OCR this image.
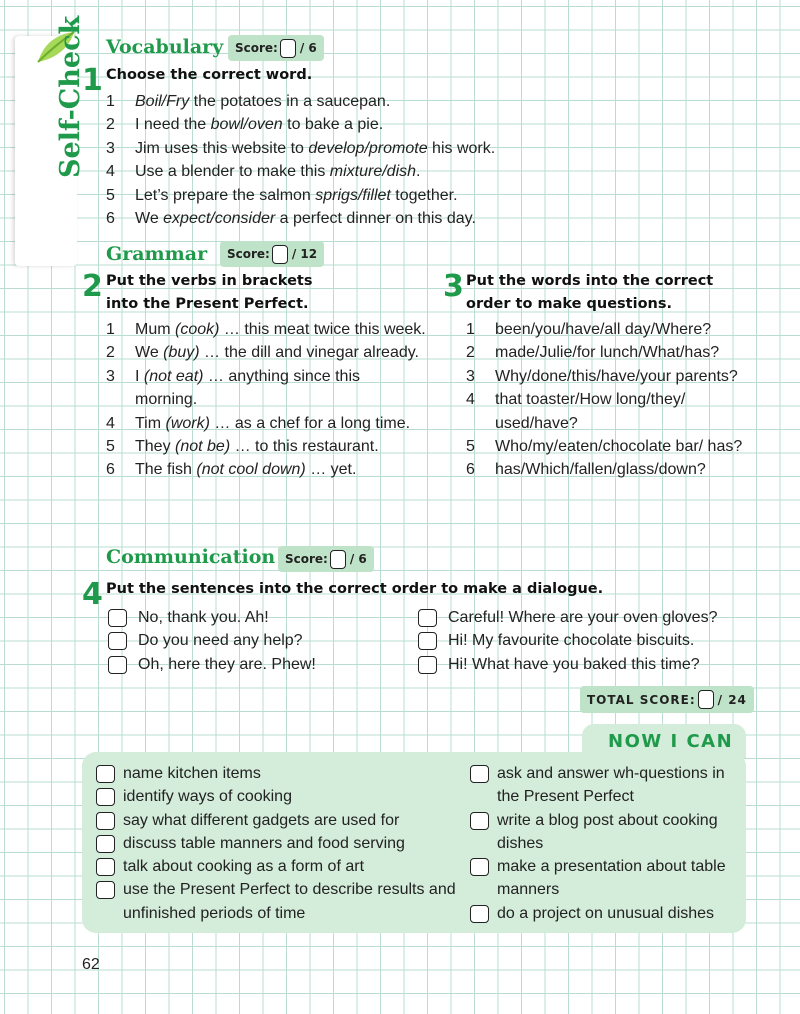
Self-Check Vocabulary Score: / 6
1 Choose the correct word.
1	Boil/Fry the potatoes in a saucepan.
2	I need the bowl/oven to bake a pie.
3	Jim uses this website to develop/promote his work.
4	Use a blender to make this mixture/dish.
5	Let’s prepare the salmon sprigs/fillet together.
6	We expect/consider a perfect dinner on this day.
Grammar Score: / 12
2 Put the verbs in brackets
into the Present Perfect.
1	Mum (cook) … this meat twice this week.
2	We (buy) … the dill and vinegar already.
3	I (not eat) … anything since this morning.
4	Tim (work) … as a chef for a long time.
5	They (not be) … to this restaurant.
6	The fish (not cool down) … yet.
3 Put the words into the correct
order to make questions.
1	been/you/have/all day/Where?
2	made/Julie/for lunch/What/has?
3	Why/done/this/have/your parents?
4	that toaster/How long/they/ used/have?
5	Who/my/eaten/chocolate bar/ has?
6	has/Which/fallen/glass/down?
Communication Score: / 6
4 Put the sentences into the correct order to make a dialogue.
No, thank you. Ah!
Do you need any help?
Oh, here they are. Phew!
Careful! Where are your oven gloves?
Hi! My favourite chocolate biscuits.
Hi! What have you baked this time?
TOTAL SCORE: / 24
NOW I CAN
name kitchen items
identify ways of cooking
say what different gadgets are used for
discuss table manners and food serving
talk about cooking as a form of art
use the Present Perfect to describe results and unfinished periods of time
ask and answer wh-questions in the Present Perfect
write a blog post about cooking dishes
make a presentation about table manners
do a project on unusual dishes
62
